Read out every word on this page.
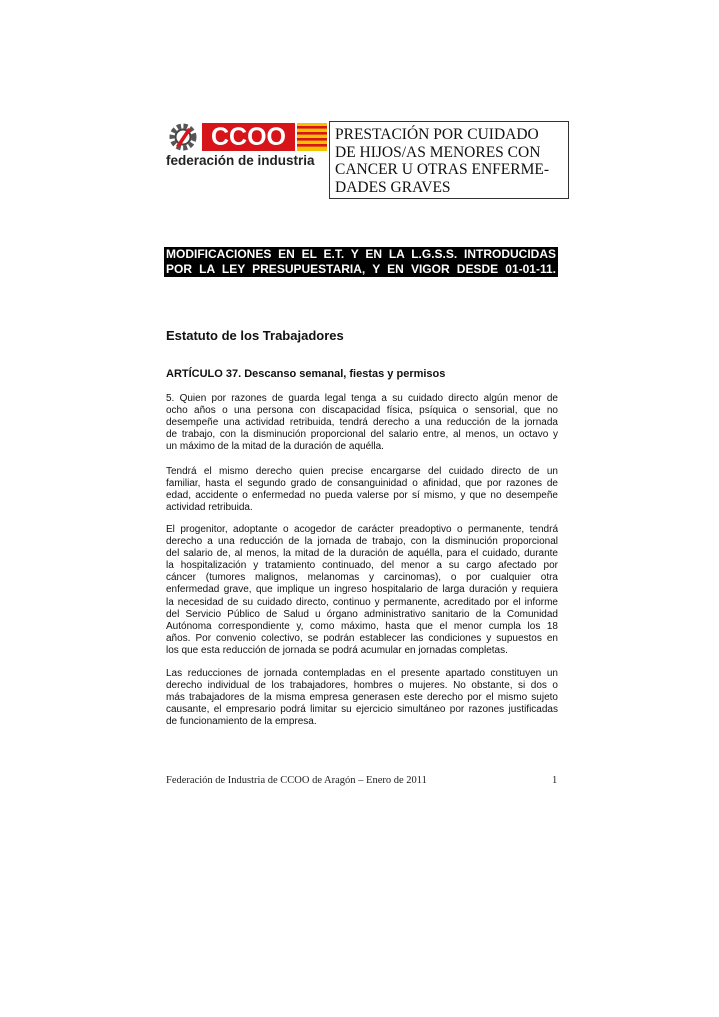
CCOO
federación de industria
PRESTACIÓN POR CUIDADO
DE HIJOS/AS MENORES CON
CANCER U OTRAS ENFERME-
DADES GRAVES
MODIFICACIONES EN EL E.T. Y EN LA L.G.S.S. INTRODUCIDAS
POR LA LEY PRESUPUESTARIA, Y EN VIGOR DESDE 01-01-11.
Estatuto de los Trabajadores
ARTÍCULO 37. Descanso semanal, fiestas y permisos
5. Quien por razones de guarda legal tenga a su cuidado directo algún menor de
ocho años o una persona con discapacidad física, psíquica o sensorial, que no
desempeñe una actividad retribuida, tendrá derecho a una reducción de la jornada
de trabajo, con la disminución proporcional del salario entre, al menos, un octavo y
un máximo de la mitad de la duración de aquélla.
Tendrá el mismo derecho quien precise encargarse del cuidado directo de un
familiar, hasta el segundo grado de consanguinidad o afinidad, que por razones de
edad, accidente o enfermedad no pueda valerse por sí mismo, y que no desempeñe
actividad retribuida.
El progenitor, adoptante o acogedor de carácter preadoptivo o permanente, tendrá
derecho a una reducción de la jornada de trabajo, con la disminución proporcional
del salario de, al menos, la mitad de la duración de aquélla, para el cuidado, durante
la hospitalización y tratamiento continuado, del menor a su cargo afectado por
cáncer (tumores malignos, melanomas y carcinomas), o por cualquier otra
enfermedad grave, que implique un ingreso hospitalario de larga duración y requiera
la necesidad de su cuidado directo, continuo y permanente, acreditado por el informe
del Servicio Público de Salud u órgano administrativo sanitario de la Comunidad
Autónoma correspondiente y, como máximo, hasta que el menor cumpla los 18
años. Por convenio colectivo, se podrán establecer las condiciones y supuestos en
los que esta reducción de jornada se podrá acumular en jornadas completas.
Las reducciones de jornada contempladas en el presente apartado constituyen un
derecho individual de los trabajadores, hombres o mujeres. No obstante, si dos o
más trabajadores de la misma empresa generasen este derecho por el mismo sujeto
causante, el empresario podrá limitar su ejercicio simultáneo por razones justificadas
de funcionamiento de la empresa.
Federación de Industria de CCOO de Aragón – Enero de 2011	1
